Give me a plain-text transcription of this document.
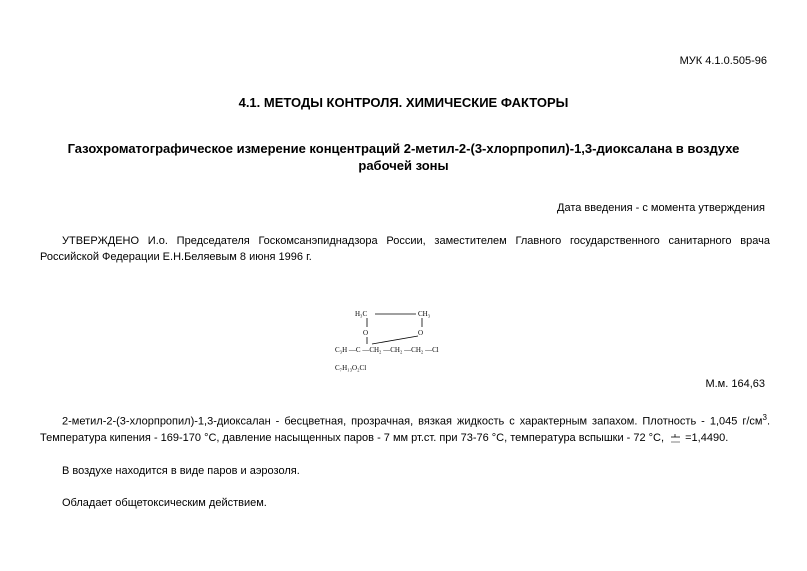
МУК 4.1.0.505-96
4.1. МЕТОДЫ КОНТРОЛЯ. ХИМИЧЕСКИЕ ФАКТОРЫ
Газохроматографическое измерение концентраций 2-метил-2-(3-хлорпропил)-1,3-диоксалана в воздухе
рабочей зоны
Дата введения - с момента утверждения
УТВЕРЖДЕНО И.о. Председателя Госкомсанэпиднадзора России, заместителем Главного государственного санитарного врача Российской Федерации Е.Н.Беляевым 8 июня 1996 г.
H₃C	CH₃
O	O
C₃H —C —CH₂ —CH₂ —CH₂ —Cl
C₇H₁₃O₂Cl
М.м. 164,63
2-метил-2-(3-хлорпропил)-1,3-диоксалан - бесцветная, прозрачная, вязкая жидкость с характерным запахом. Плотность - 1,045 $г/см^3$. Температура кипения - 169-170 °С, давление насыщенных паров - 7 мм рт.ст. при 73-76 °С, температура вспышки - 72 °С, =1,4490.
В воздухе находится в виде паров и аэрозоля.
Обладает общетоксическим действием.
